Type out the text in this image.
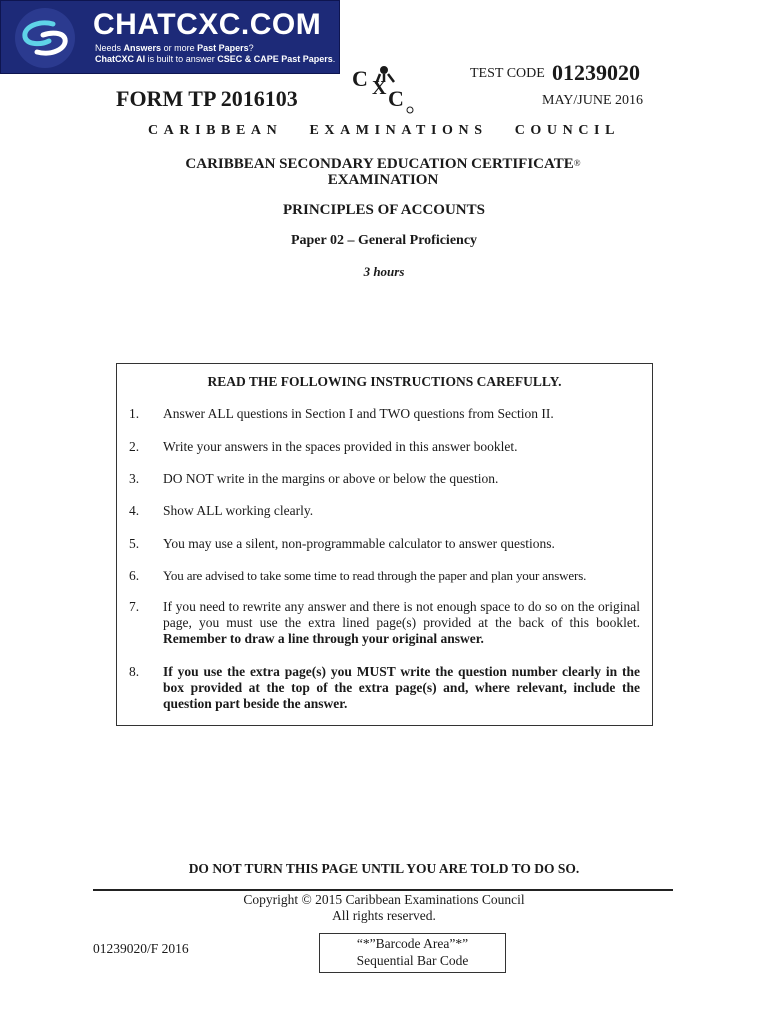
CHATCXC.COM
Needs Answers or more Past Papers?
ChatCXC AI is built to answer CSEC & CAPE Past Papers.
TEST CODE 01239020
FORM TP 2016103
C X C	MAY/JUNE 2016
CARIBBEAN EXAMINATIONS COUNCIL
CARIBBEAN SECONDARY EDUCATION CERTIFICATE®
EXAMINATION
PRINCIPLES OF ACCOUNTS
Paper 02 – General Proficiency
3 hours
READ THE FOLLOWING INSTRUCTIONS CAREFULLY.
1. Answer ALL questions in Section I and TWO questions from Section II.
2. Write your answers in the spaces provided in this answer booklet.
3. DO NOT write in the margins or above or below the question.
4. Show ALL working clearly.
5. You may use a silent, non-programmable calculator to answer questions.
6. You are advised to take some time to read through the paper and plan your answers.
7. If you need to rewrite any answer and there is not enough space to do so on the original page, you must use the extra lined page(s) provided at the back of this booklet. Remember to draw a line through your original answer.
8. If you use the extra page(s) you MUST write the question number clearly in the box provided at the top of the extra page(s) and, where relevant, include the question part beside the answer.
DO NOT TURN THIS PAGE UNTIL YOU ARE TOLD TO DO SO.
Copyright © 2015 Caribbean Examinations Council
All rights reserved.
01239020/F 2016	“*”Barcode Area”*”
Sequential Bar Code
